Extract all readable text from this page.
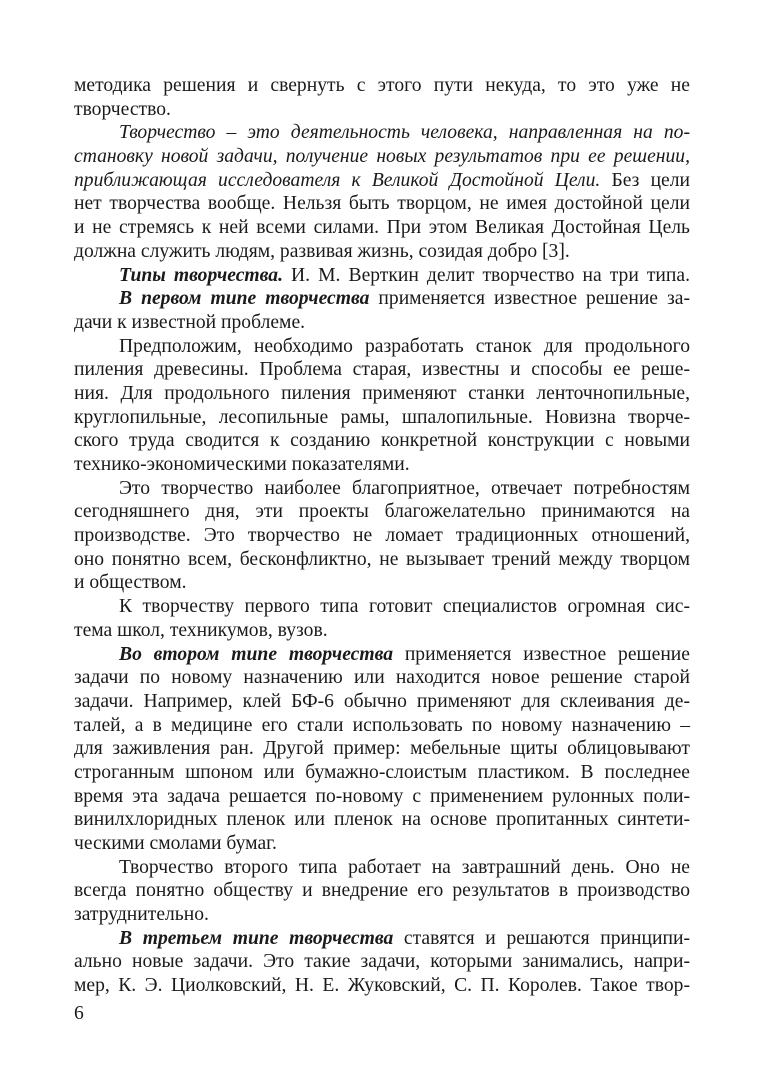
методика решения и свернуть с этого пути некуда, то это уже не
творчество.
Творчество – это деятельность человека, направленная на по-
становку новой задачи, получение новых результатов при ее решении,
приближающая исследователя к Великой Достойной Цели. Без цели
нет творчества вообще. Нельзя быть творцом, не имея достойной цели
и не стремясь к ней всеми силами. При этом Великая Достойная Цель
должна служить людям, развивая жизнь, созидая добро [3].
Типы творчества. И. М. Верткин делит творчество на три типа.
В первом типе творчества применяется известное решение за-
дачи к известной проблеме.
Предположим, необходимо разработать станок для продольного
пиления древесины. Проблема старая, известны и способы ее реше-
ния. Для продольного пиления применяют станки ленточнопильные,
круглопильные, лесопильные рамы, шпалопильные. Новизна творче-
ского труда сводится к созданию конкретной конструкции с новыми
технико-экономическими показателями.
Это творчество наиболее благоприятное, отвечает потребностям
сегодняшнего дня, эти проекты благожелательно принимаются на
производстве. Это творчество не ломает традиционных отношений,
оно понятно всем, бесконфликтно, не вызывает трений между творцом
и обществом.
К творчеству первого типа готовит специалистов огромная сис-
тема школ, техникумов, вузов.
Во втором типе творчества применяется известное решение
задачи по новому назначению или находится новое решение старой
задачи. Например, клей БФ-6 обычно применяют для склеивания де-
талей, а в медицине его стали использовать по новому назначению –
для заживления ран. Другой пример: мебельные щиты облицовывают
строганным шпоном или бумажно-слоистым пластиком. В последнее
время эта задача решается по-новому с применением рулонных поли-
винилхлоридных пленок или пленок на основе пропитанных синтети-
ческими смолами бумаг.
Творчество второго типа работает на завтрашний день. Оно не
всегда понятно обществу и внедрение его результатов в производство
затруднительно.
В третьем типе творчества ставятся и решаются принципи-
ально новые задачи. Это такие задачи, которыми занимались, напри-
мер, К. Э. Циолковский, Н. Е. Жуковский, С. П. Королев. Такое твор-
6
